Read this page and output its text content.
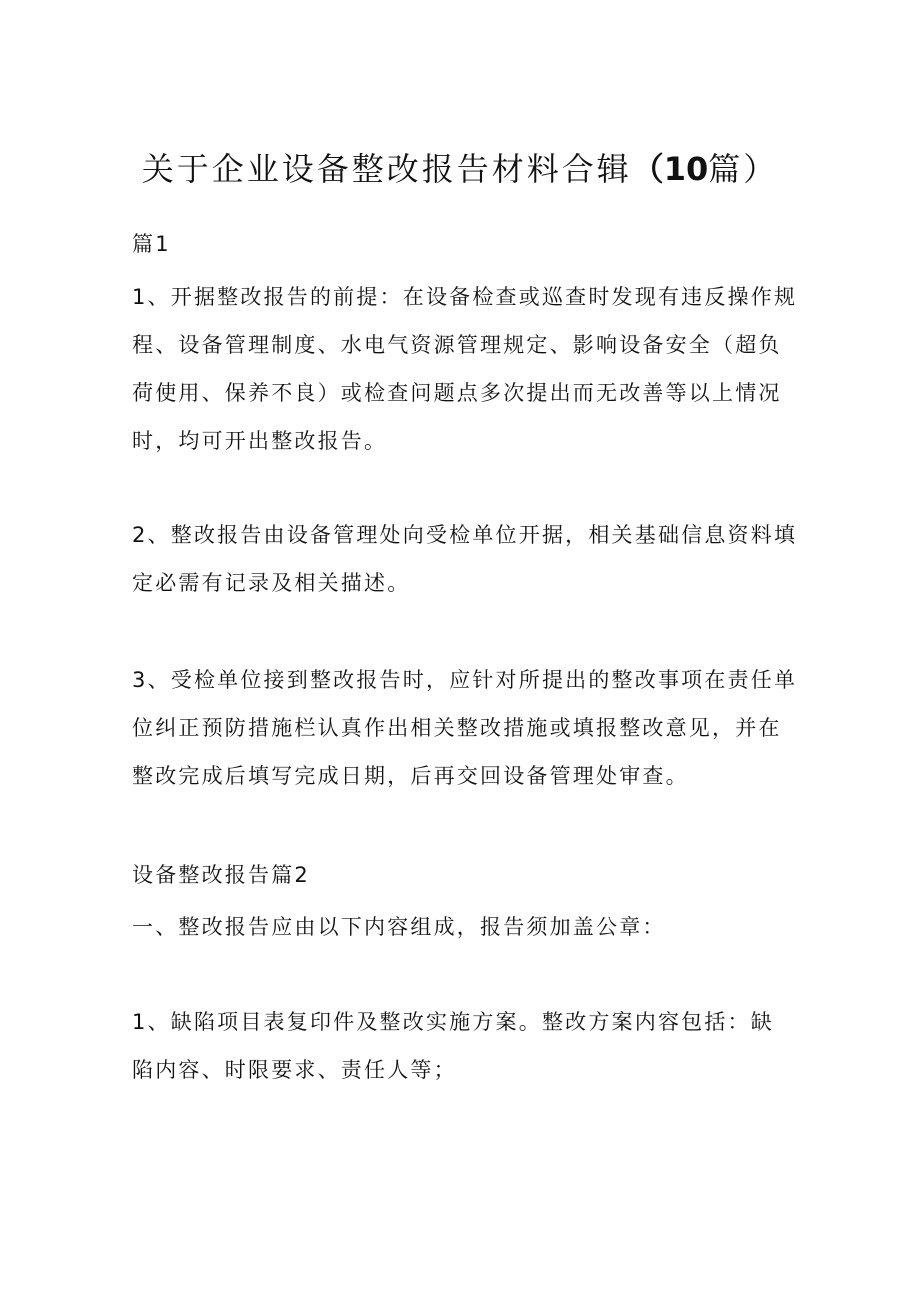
关于企业设备整改报告材料合辑（10篇）
篇1
1、开据整改报告的前提：在设备检查或巡查时发现有违反操作规
程、设备管理制度、水电气资源管理规定、影响设备安全（超负
荷使用、保养不良）或检查问题点多次提出而无改善等以上情况
时，均可开出整改报告。
2、整改报告由设备管理处向受检单位开据，相关基础信息资料填
定必需有记录及相关描述。
3、受检单位接到整改报告时，应针对所提出的整改事项在责任单
位纠正预防措施栏认真作出相关整改措施或填报整改意见，并在
整改完成后填写完成日期，后再交回设备管理处审查。
设备整改报告篇2
一、整改报告应由以下内容组成，报告须加盖公章：
1、缺陷项目表复印件及整改实施方案。整改方案内容包括：缺
陷内容、时限要求、责任人等；
